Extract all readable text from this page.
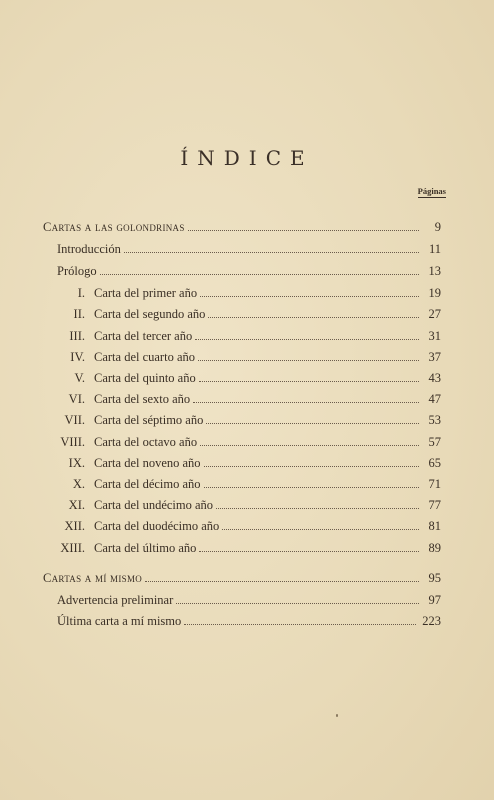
ÍNDICE
Páginas
Cartas a las golondrinas	9
Introducción	11
Prólogo	13
I. Carta del primer año	19
II. Carta del segundo año	27
III. Carta del tercer año	31
IV. Carta del cuarto año	37
V. Carta del quinto año	43
VI. Carta del sexto año	47
VII. Carta del séptimo año	53
VIII. Carta del octavo año	57
IX. Carta del noveno año	65
X. Carta del décimo año	71
XI. Carta del undécimo año	77
XII. Carta del duodécimo año	81
XIII. Carta del último año	89
Cartas a mí mismo	95
Advertencia preliminar	97
Última carta a mí mismo	223
